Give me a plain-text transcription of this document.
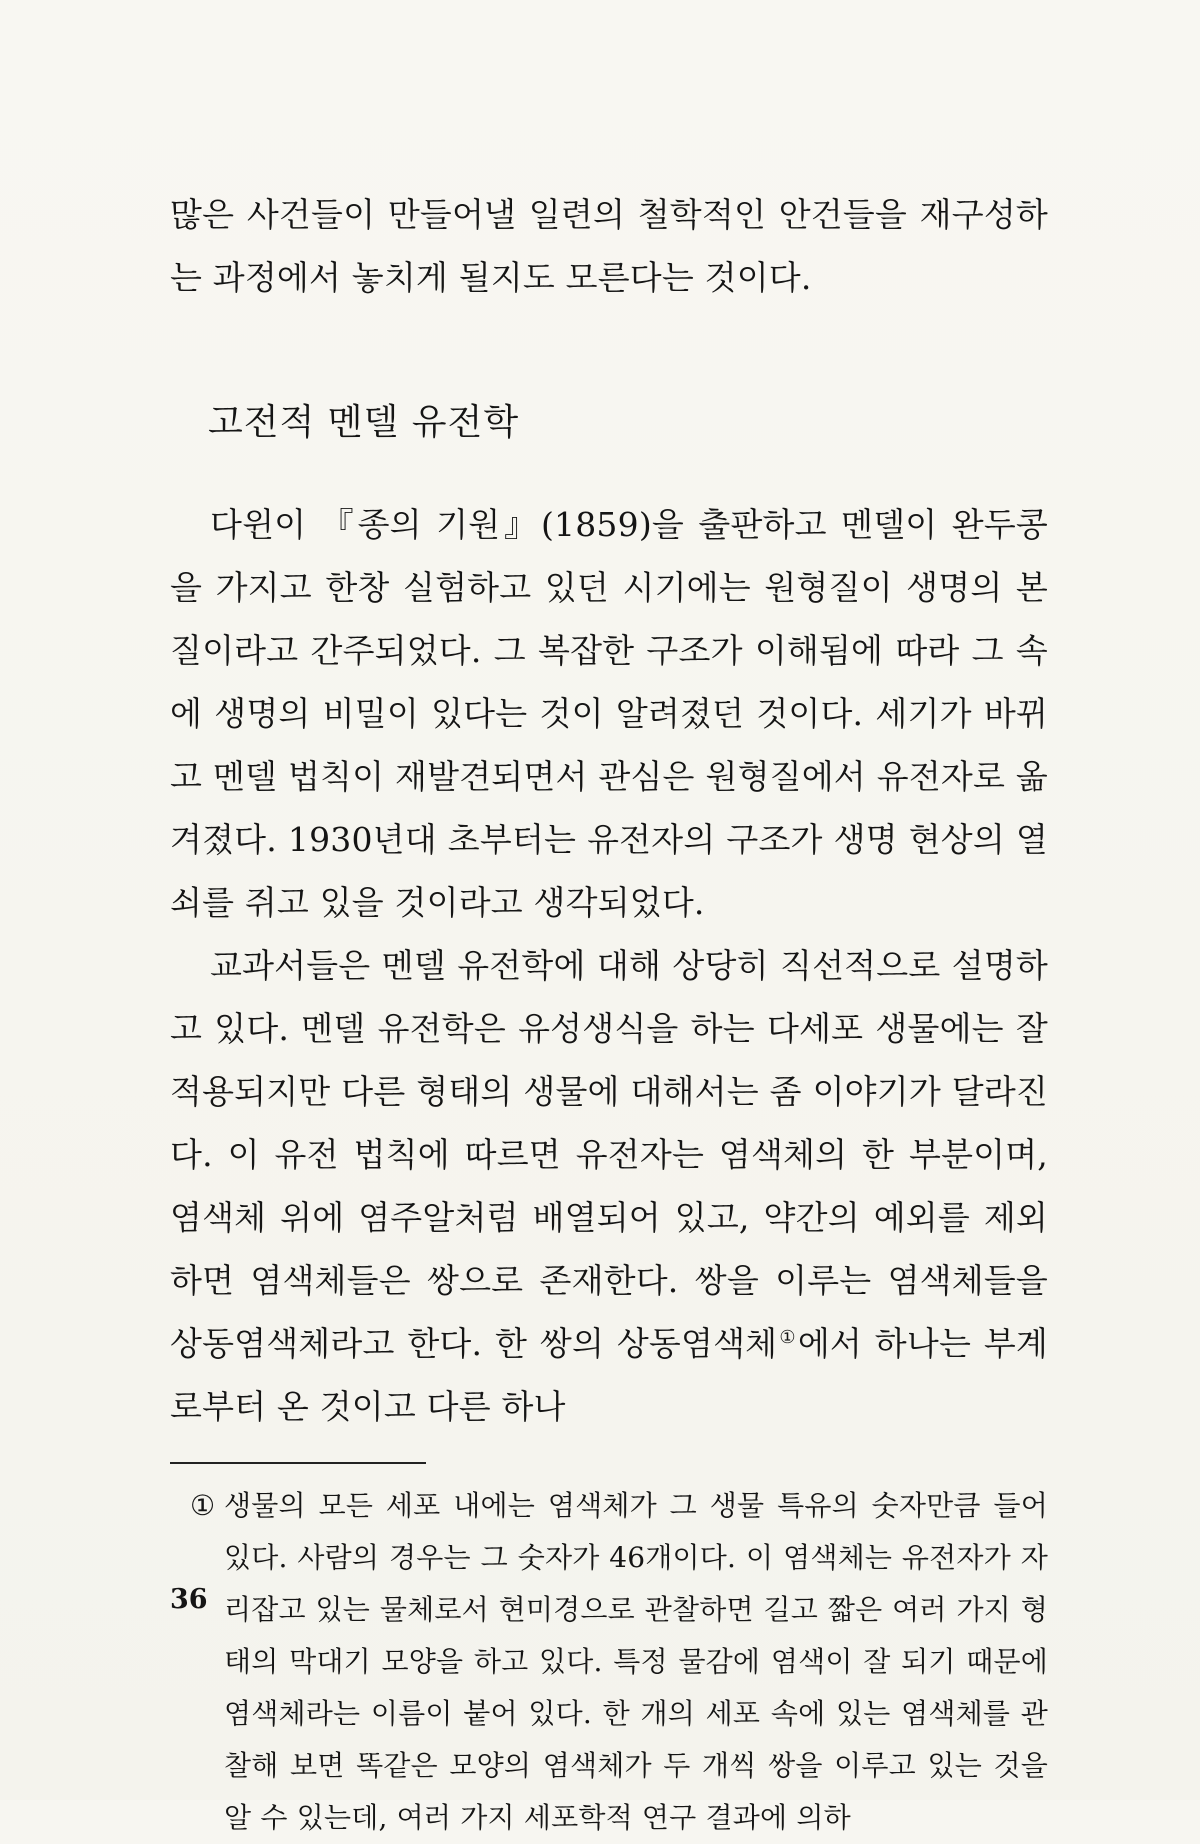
많은 사건들이 만들어낼 일련의 철학적인 안건들을 재구성하는 과정에서 놓치게 될지도 모른다는 것이다.

고전적 멘델 유전학

다윈이 『종의 기원』(1859)을 출판하고 멘델이 완두콩을 가지고 한창 실험하고 있던 시기에는 원형질이 생명의 본질이라고 간주되었다. 그 복잡한 구조가 이해됨에 따라 그 속에 생명의 비밀이 있다는 것이 알려졌던 것이다. 세기가 바뀌고 멘델 법칙이 재발견되면서 관심은 원형질에서 유전자로 옮겨졌다. 1930년대 초부터는 유전자의 구조가 생명 현상의 열쇠를 쥐고 있을 것이라고 생각되었다.

교과서들은 멘델 유전학에 대해 상당히 직선적으로 설명하고 있다. 멘델 유전학은 유성생식을 하는 다세포 생물에는 잘 적용되지만 다른 형태의 생물에 대해서는 좀 이야기가 달라진다. 이 유전 법칙에 따르면 유전자는 염색체의 한 부분이며, 염색체 위에 염주알처럼 배열되어 있고, 약간의 예외를 제외하면 염색체들은 쌍으로 존재한다. 쌍을 이루는 염색체들을 상동염색체라고 한다. 한 쌍의 상동염색체①에서 하나는 부계로부터 온 것이고 다른 하나

① 생물의 모든 세포 내에는 염색체가 그 생물 특유의 숫자만큼 들어 있다. 사람의 경우는 그 숫자가 46개이다. 이 염색체는 유전자가 자리잡고 있는 물체로서 현미경으로 관찰하면 길고 짧은 여러 가지 형태의 막대기 모양을 하고 있다. 특정 물감에 염색이 잘 되기 때문에 염색체라는 이름이 붙어 있다. 한 개의 세포 속에 있는 염색체를 관찰해 보면 똑같은 모양의 염색체가 두 개씩 쌍을 이루고 있는 것을 알 수 있는데, 여러 가지 세포학적 연구 결과에 의하
36
